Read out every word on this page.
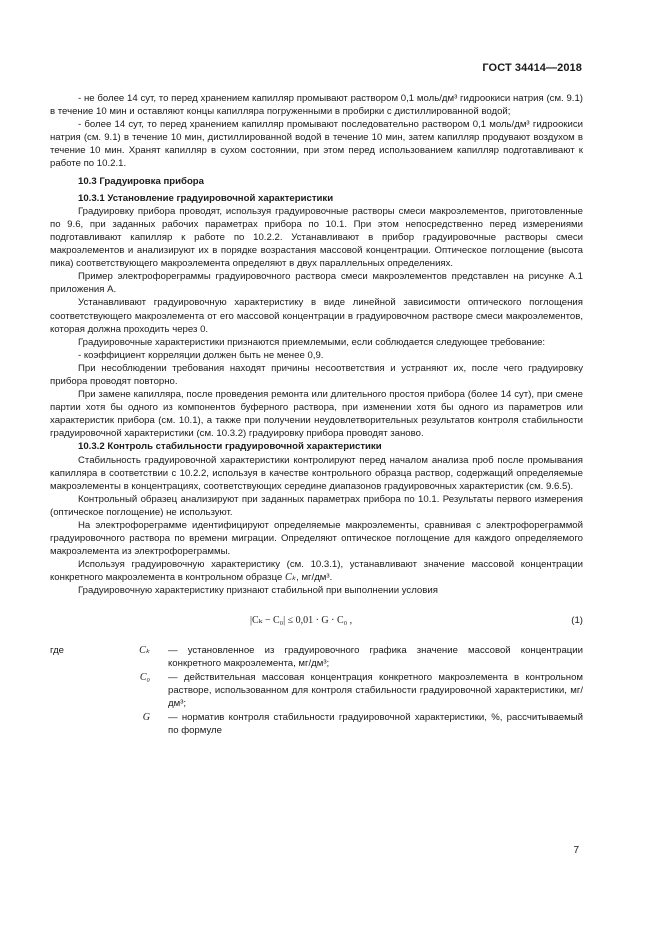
ГОСТ 34414—2018

- не более 14 сут, то перед хранением капилляр промывают раствором 0,1 моль/дм³ гидроокиси натрия (см. 9.1) в течение 10 мин и оставляют концы капилляра погруженными в пробирки с дистиллированной водой;

- более 14 сут, то перед хранением капилляр промывают последовательно раствором 0,1 моль/дм³ гидроокиси натрия (см. 9.1) в течение 10 мин, дистиллированной водой в течение 10 мин, затем капилляр продувают воздухом в течение 10 мин. Хранят капилляр в сухом состоянии, при этом перед использованием капилляр подготавливают к работе по 10.2.1.

10.3 Градуировка прибора

10.3.1 Установление градуировочной характеристики

Градуировку прибора проводят, используя градуировочные растворы смеси макроэлементов, приготовленные по 9.6, при заданных рабочих параметрах прибора по 10.1. При этом непосредственно перед измерениями подготавливают капилляр к работе по 10.2.2. Устанавливают в прибор градуировочные растворы смеси макроэлементов и анализируют их в порядке возрастания массовой концентрации. Оптическое поглощение (высота пика) соответствующего макроэлемента определяют в двух параллельных определениях.

Пример электрофореграммы градуировочного раствора смеси макроэлементов представлен на рисунке А.1 приложения А.

Устанавливают градуировочную характеристику в виде линейной зависимости оптического поглощения соответствующего макроэлемента от его массовой концентрации в градуировочном растворе смеси макроэлементов, которая должна проходить через 0.

Градуировочные характеристики признаются приемлемыми, если соблюдается следующее требование:

- коэффициент корреляции должен быть не менее 0,9.

При несоблюдении требования находят причины несоответствия и устраняют их, после чего градуировку прибора проводят повторно.

При замене капилляра, после проведения ремонта или длительного простоя прибора (более 14 сут), при смене партии хотя бы одного из компонентов буферного раствора, при изменении хотя бы одного из параметров или характеристик прибора (см. 10.1), а также при получении неудовлетворительных результатов контроля стабильности градуировочной характеристики (см. 10.3.2) градуировку прибора проводят заново.

10.3.2 Контроль стабильности градуировочной характеристики

Стабильность градуировочной характеристики контролируют перед началом анализа проб после промывания капилляра в соответствии с 10.2.2, используя в качестве контрольного образца раствор, содержащий определяемые макроэлементы в концентрациях, соответствующих середине диапазонов градуировочных характеристик (см. 9.6.5).

Контрольный образец анализируют при заданных параметрах прибора по 10.1. Результаты первого измерения (оптическое поглощение) не используют.

На электрофореграмме идентифицируют определяемые макроэлементы, сравнивая с электрофореграммой градуировочного раствора по времени миграции. Определяют оптическое поглощение для каждого определяемого макроэлемента из электрофореграммы.

Используя градуировочную характеристику (см. 10.3.1), устанавливают значение массовой концентрации конкретного макроэлемента в контрольном образце Cₖ, мг/дм³.

Градуировочную характеристику признают стабильной при выполнении условия

|Cₖ − C₀| ≤ 0,01 · G · C₀ ,	(1)
где	Cₖ — установленное из градуировочного графика значение массовой концентрации конкретного макроэлемента, мг/дм³;
C₀ — действительная массовая концентрация конкретного макроэлемента в контрольном растворе, использованном для контроля стабильности градуировочной характеристики, мг/дм³;
G — норматив контроля стабильности градуировочной характеристики, %, рассчитываемый по формуле
7
